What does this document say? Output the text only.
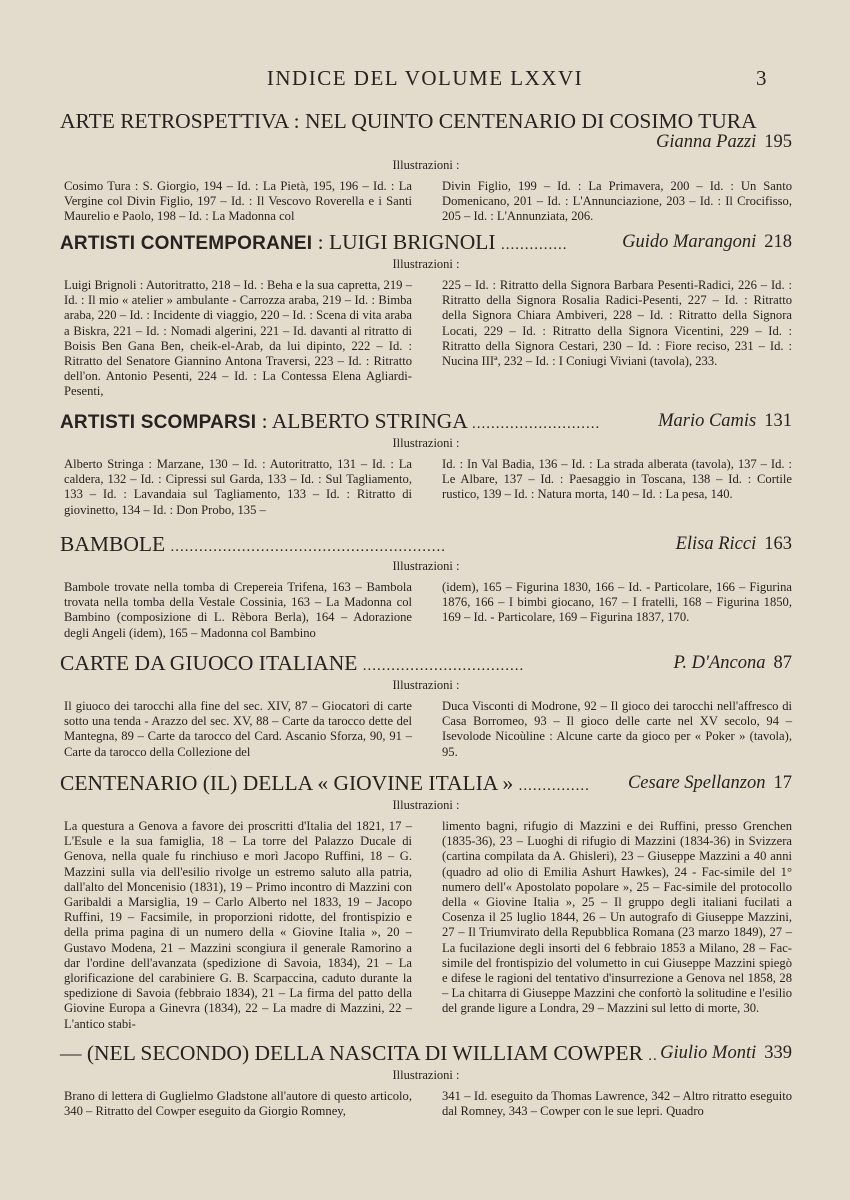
INDICE DEL VOLUME LXXVI	3
ARTE RETROSPETTIVA : NEL QUINTO CENTENARIO DI COSIMO TURA
Gianna Pazzi 195
Illustrazioni :
Cosimo Tura : S. Giorgio, 194 – Id. : La Pietà, 195, 196 – Id. : La Vergine col Divin Figlio, 197 – Id. : Il Vescovo Roverella e i Santi Maurelio e Paolo, 198 – Id. : La Madonna col
Divin Figlio, 199 – Id. : La Primavera, 200 – Id. : Un Santo Domenicano, 201 – Id. : L'Annunciazione, 203 – Id. : Il Crocifisso, 205 – Id. : L'Annunziata, 206.
ARTISTI CONTEMPORANEI : LUIGI BRIGNOLI ..............	Guido Marangoni 218
Illustrazioni :
Luigi Brignoli : Autoritratto, 218 – Id. : Beha e la sua capretta, 219 – Id. : Il mio « atelier » ambulante - Carrozza araba, 219 – Id. : Bimba araba, 220 – Id. : Incidente di viaggio, 220 – Id. : Scena di vita araba a Biskra, 221 – Id. : Nomadi algerini, 221 – Id. davanti al ritratto di Boisis Ben Gana Ben, cheik-el-Arab, da lui dipinto, 222 – Id. : Ritratto del Senatore Giannino Antona Traversi, 223 – Id. : Ritratto dell'on. Antonio Pesenti, 224 – Id. : La Contessa Elena Agliardi-Pesenti,
225 – Id. : Ritratto della Signora Barbara Pesenti-Radici, 226 – Id. : Ritratto della Signora Rosalia Radici-Pesenti, 227 – Id. : Ritratto della Signora Chiara Ambiveri, 228 – Id. : Ritratto della Signora Locati, 229 – Id. : Ritratto della Signora Vicentini, 229 – Id. : Ritratto della Signora Cestari, 230 – Id. : Fiore reciso, 231 – Id. : Nucina IIIª, 232 – Id. : I Coniugi Viviani (tavola), 233.
ARTISTI SCOMPARSI : ALBERTO STRINGA ...........................	Mario Camis 131
Illustrazioni :
Alberto Stringa : Marzane, 130 – Id. : Autoritratto, 131 – Id. : La caldera, 132 – Id. : Cipressi sul Garda, 133 – Id. : Sul Tagliamento, 133 – Id. : Lavandaia sul Tagliamento, 133 – Id. : Ritratto di giovinetto, 134 – Id. : Don Probo, 135 –
Id. : In Val Badia, 136 – Id. : La strada alberata (tavola), 137 – Id. : Le Albare, 137 – Id. : Paesaggio in Toscana, 138 – Id. : Cortile rustico, 139 – Id. : Natura morta, 140 – Id. : La pesa, 140.
BAMBOLE ..........................................................	Elisa Ricci 163
Illustrazioni :
Bambole trovate nella tomba di Crepereia Trifena, 163 – Bambola trovata nella tomba della Vestale Cossinia, 163 – La Madonna col Bambino (composizione di L. Rèbora Berla), 164 – Adorazione degli Angeli (idem), 165 – Madonna col Bambino
(idem), 165 – Figurina 1830, 166 – Id. - Particolare, 166 – Figurina 1876, 166 – I bimbi giocano, 167 – I fratelli, 168 – Figurina 1850, 169 – Id. - Particolare, 169 – Figurina 1837, 170.
CARTE DA GIUOCO ITALIANE ..................................	P. D'Ancona 87
Illustrazioni :
Il giuoco dei tarocchi alla fine del sec. XIV, 87 – Giocatori di carte sotto una tenda - Arazzo del sec. XV, 88 – Carte da tarocco dette del Mantegna, 89 – Carte da tarocco del Card. Ascanio Sforza, 90, 91 – Carte da tarocco della Collezione del
Duca Visconti di Modrone, 92 – Il gioco dei tarocchi nell'affresco di Casa Borromeo, 93 – Il gioco delle carte nel XV secolo, 94 – Isevolode Nicoùline : Alcune carte da gioco per « Poker » (tavola), 95.
CENTENARIO (IL) DELLA « GIOVINE ITALIA » ............... Cesare Spellanzon 17
Illustrazioni :
La questura a Genova a favore dei proscritti d'Italia del 1821, 17 – L'Esule e la sua famiglia, 18 – La torre del Palazzo Ducale di Genova, nella quale fu rinchiuso e morì Jacopo Ruffini, 18 – G. Mazzini sulla via dell'esilio rivolge un estremo saluto alla patria, dall'alto del Moncenisio (1831), 19 – Primo incontro di Mazzini con Garibaldi a Marsiglia, 19 – Carlo Alberto nel 1833, 19 – Jacopo Ruffini, 19 – Facsimile, in proporzioni ridotte, del frontispizio e della prima pagina di un numero della « Giovine Italia », 20 – Gustavo Modena, 21 – Mazzini scongiura il generale Ramorino a dar l'ordine dell'avanzata (spedizione di Savoia, 1834), 21 – La glorificazione del carabiniere G. B. Scarpaccina, caduto durante la spedizione di Savoia (febbraio 1834), 21 – La firma del patto della Giovine Europa a Ginevra (1834), 22 – La madre di Mazzini, 22 – L'antico stabi-
limento bagni, rifugio di Mazzini e dei Ruffini, presso Grenchen (1835-36), 23 – Luoghi di rifugio di Mazzini (1834-36) in Svizzera (cartina compilata da A. Ghisleri), 23 – Giuseppe Mazzini a 40 anni (quadro ad olio di Emilia Ashurt Hawkes), 24 - Fac-simile del 1° numero dell'« Apostolato popolare », 25 – Fac-simile del protocollo della « Giovine Italia », 25 – Il gruppo degli italiani fucilati a Cosenza il 25 luglio 1844, 26 – Un autografo di Giuseppe Mazzini, 27 – Il Triumvirato della Repubblica Romana (23 marzo 1849), 27 – La fucilazione degli insorti del 6 febbraio 1853 a Milano, 28 – Fac-simile del frontispizio del volumetto in cui Giuseppe Mazzini spiegò e difese le ragioni del tentativo d'insurrezione a Genova nel 1858, 28 – La chitarra di Giuseppe Mazzini che confortò la solitudine e l'esilio del grande ligure a Londra, 29 – Mazzini sul letto di morte, 30.
— (NEL SECONDO) DELLA NASCITA DI WILLIAM COWPER .. Giulio Monti 339
Illustrazioni :
Brano di lettera di Guglielmo Gladstone all'autore di questo articolo, 340 – Ritratto del Cowper eseguito da Giorgio Romney,
341 – Id. eseguito da Thomas Lawrence, 342 – Altro ritratto eseguito dal Romney, 343 – Cowper con le sue lepri. Quadro
